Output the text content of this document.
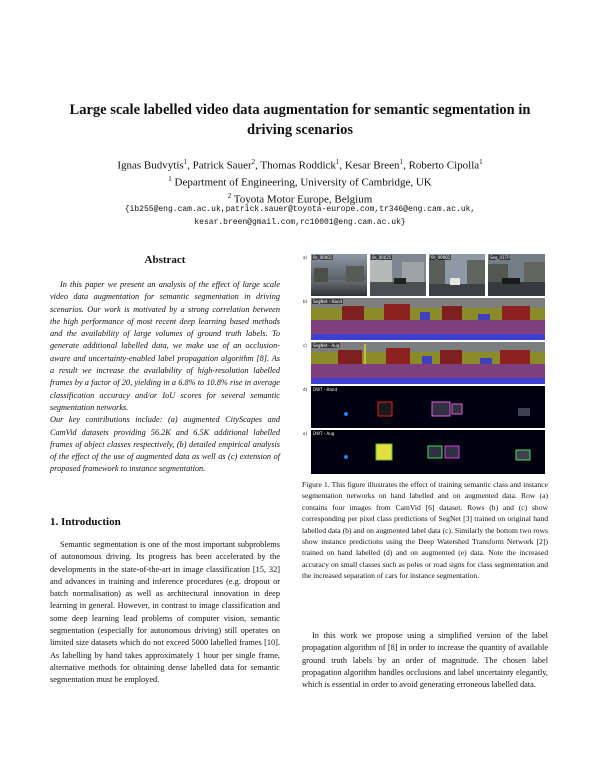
Large scale labelled video data augmentation for semantic segmentation in driving scenarios
Ignas Budvytis$^1$, Patrick Sauer$^2$, Thomas Roddick$^1$, Kesar Breen$^1$, Roberto Cipolla$^1$
$^1$ Department of Engineering, University of Cambridge, UK
$^2$ Toyota Motor Europe, Belgium
{ib255@eng.cam.ac.uk,patrick.sauer@toyota-europe.com,tr346@eng.cam.ac.uk,
kesar.breen@gmail.com,rc10001@eng.cam.ac.uk}
Abstract

In this paper we present an analysis of the effect of large scale video data augmentation for semantic segmentation in driving scenarios. Our work is motivated by a strong correlation between the high performance of most recent deep learning based methods and the availability of large volumes of ground truth labels. To generate additional labelled data, we make use of an occlusion-aware and uncertainty-enabled label propagation algorithm [8]. As a result we increase the availability of high-resolution labelled frames by a factor of 20, yielding in a 6.8% to 10.8% rise in average classification accuracy and/or IoU scores for several semantic segmentation networks.

Our key contributions include: (a) augmented CityScapes and CamVid datasets providing 56.2K and 6.5K additional labelled frames of object classes respectively, (b) detailed empirical analysis of the effect of the use of augmented data as well as (c) extension of proposed framework to instance segmentation.

1. Introduction

Semantic segmentation is one of the most important subproblems of autonomous driving. Its progress has been accelerated by the developments in the state-of-the-art in image classification [15, 32] and advances in training and inference procedures (e.g. dropout or batch normalisation) as well as architectural innovation in deep learning in general. However, in contrast to image classification and some deep learning lead problems of computer vision, semantic segmentation (especially for autonomous driving) still operates on limited size datasets which do not exceed 5000 labelled frames [10]. As labelling by hand takes approximately 1 hour per single frame, alternative methods for obtaining dense labelled data for semantic segmentation must be employed.

a)
b)
c)
d)
e)
0s_00001	0s_00025	0s_00001	Seq_01TP
SegNet - Hand
SegNet - Aug
DWT - Hand
DWT - Aug
Figure 1. This figure illustrates the effect of training semantic class and instance segmentation networks on hand labelled and on augmented data. Row (a) contains four images from CamVid [6] dataset. Rows (b) and (c) show corresponding per pixel class predictions of SegNet [3] trained on original hand labelled data (b) and on augmented label data (c). Similarly the bottom two rows show instance predictions using the Deep Watershed Transform Network [2]) trained on hand labelled (d) and on augmented (e) data. Note the increased accuracy on small classes such as poles or road signs for class segmentation and the increased separation of cars for instance segmentation.

In this work we propose using a simplified version of the label propagation algorithm of [8] in order to increase the quantity of available ground truth labels by an order of magnitude. The chosen label propagation algorithm handles occlusions and label uncertainty elegantly, which is essential in order to avoid generating erroneous labelled data.
